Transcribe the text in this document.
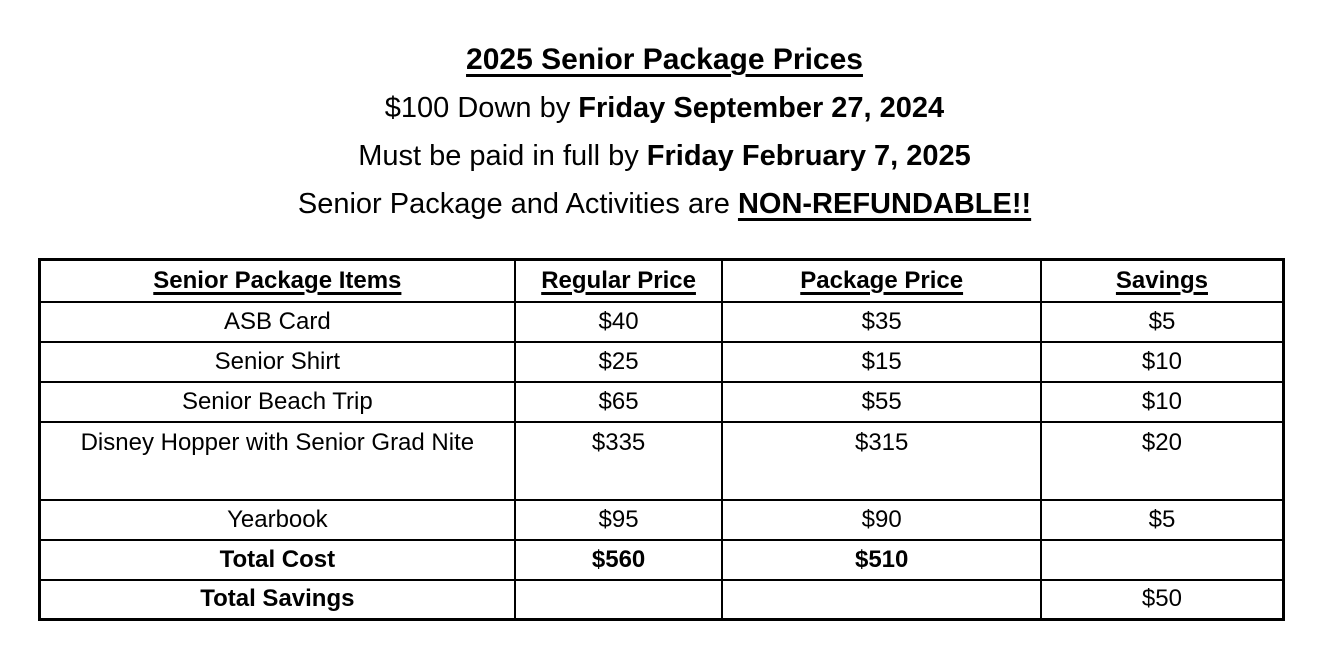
2025 Senior Package Prices
$100 Down by Friday September 27, 2024
Must be paid in full by Friday February 7, 2025
Senior Package and Activities are NON-REFUNDABLE!!
Senior Package Items	Regular Price	Package Price	Savings
ASB Card	$40	$35	$5
Senior Shirt	$25	$15	$10
Senior Beach Trip	$65	$55	$10
Disney Hopper with Senior Grad Nite	$335	$315	$20
Yearbook	$95	$90	$5
Total Cost	$560	$510	
Total Savings			$50
